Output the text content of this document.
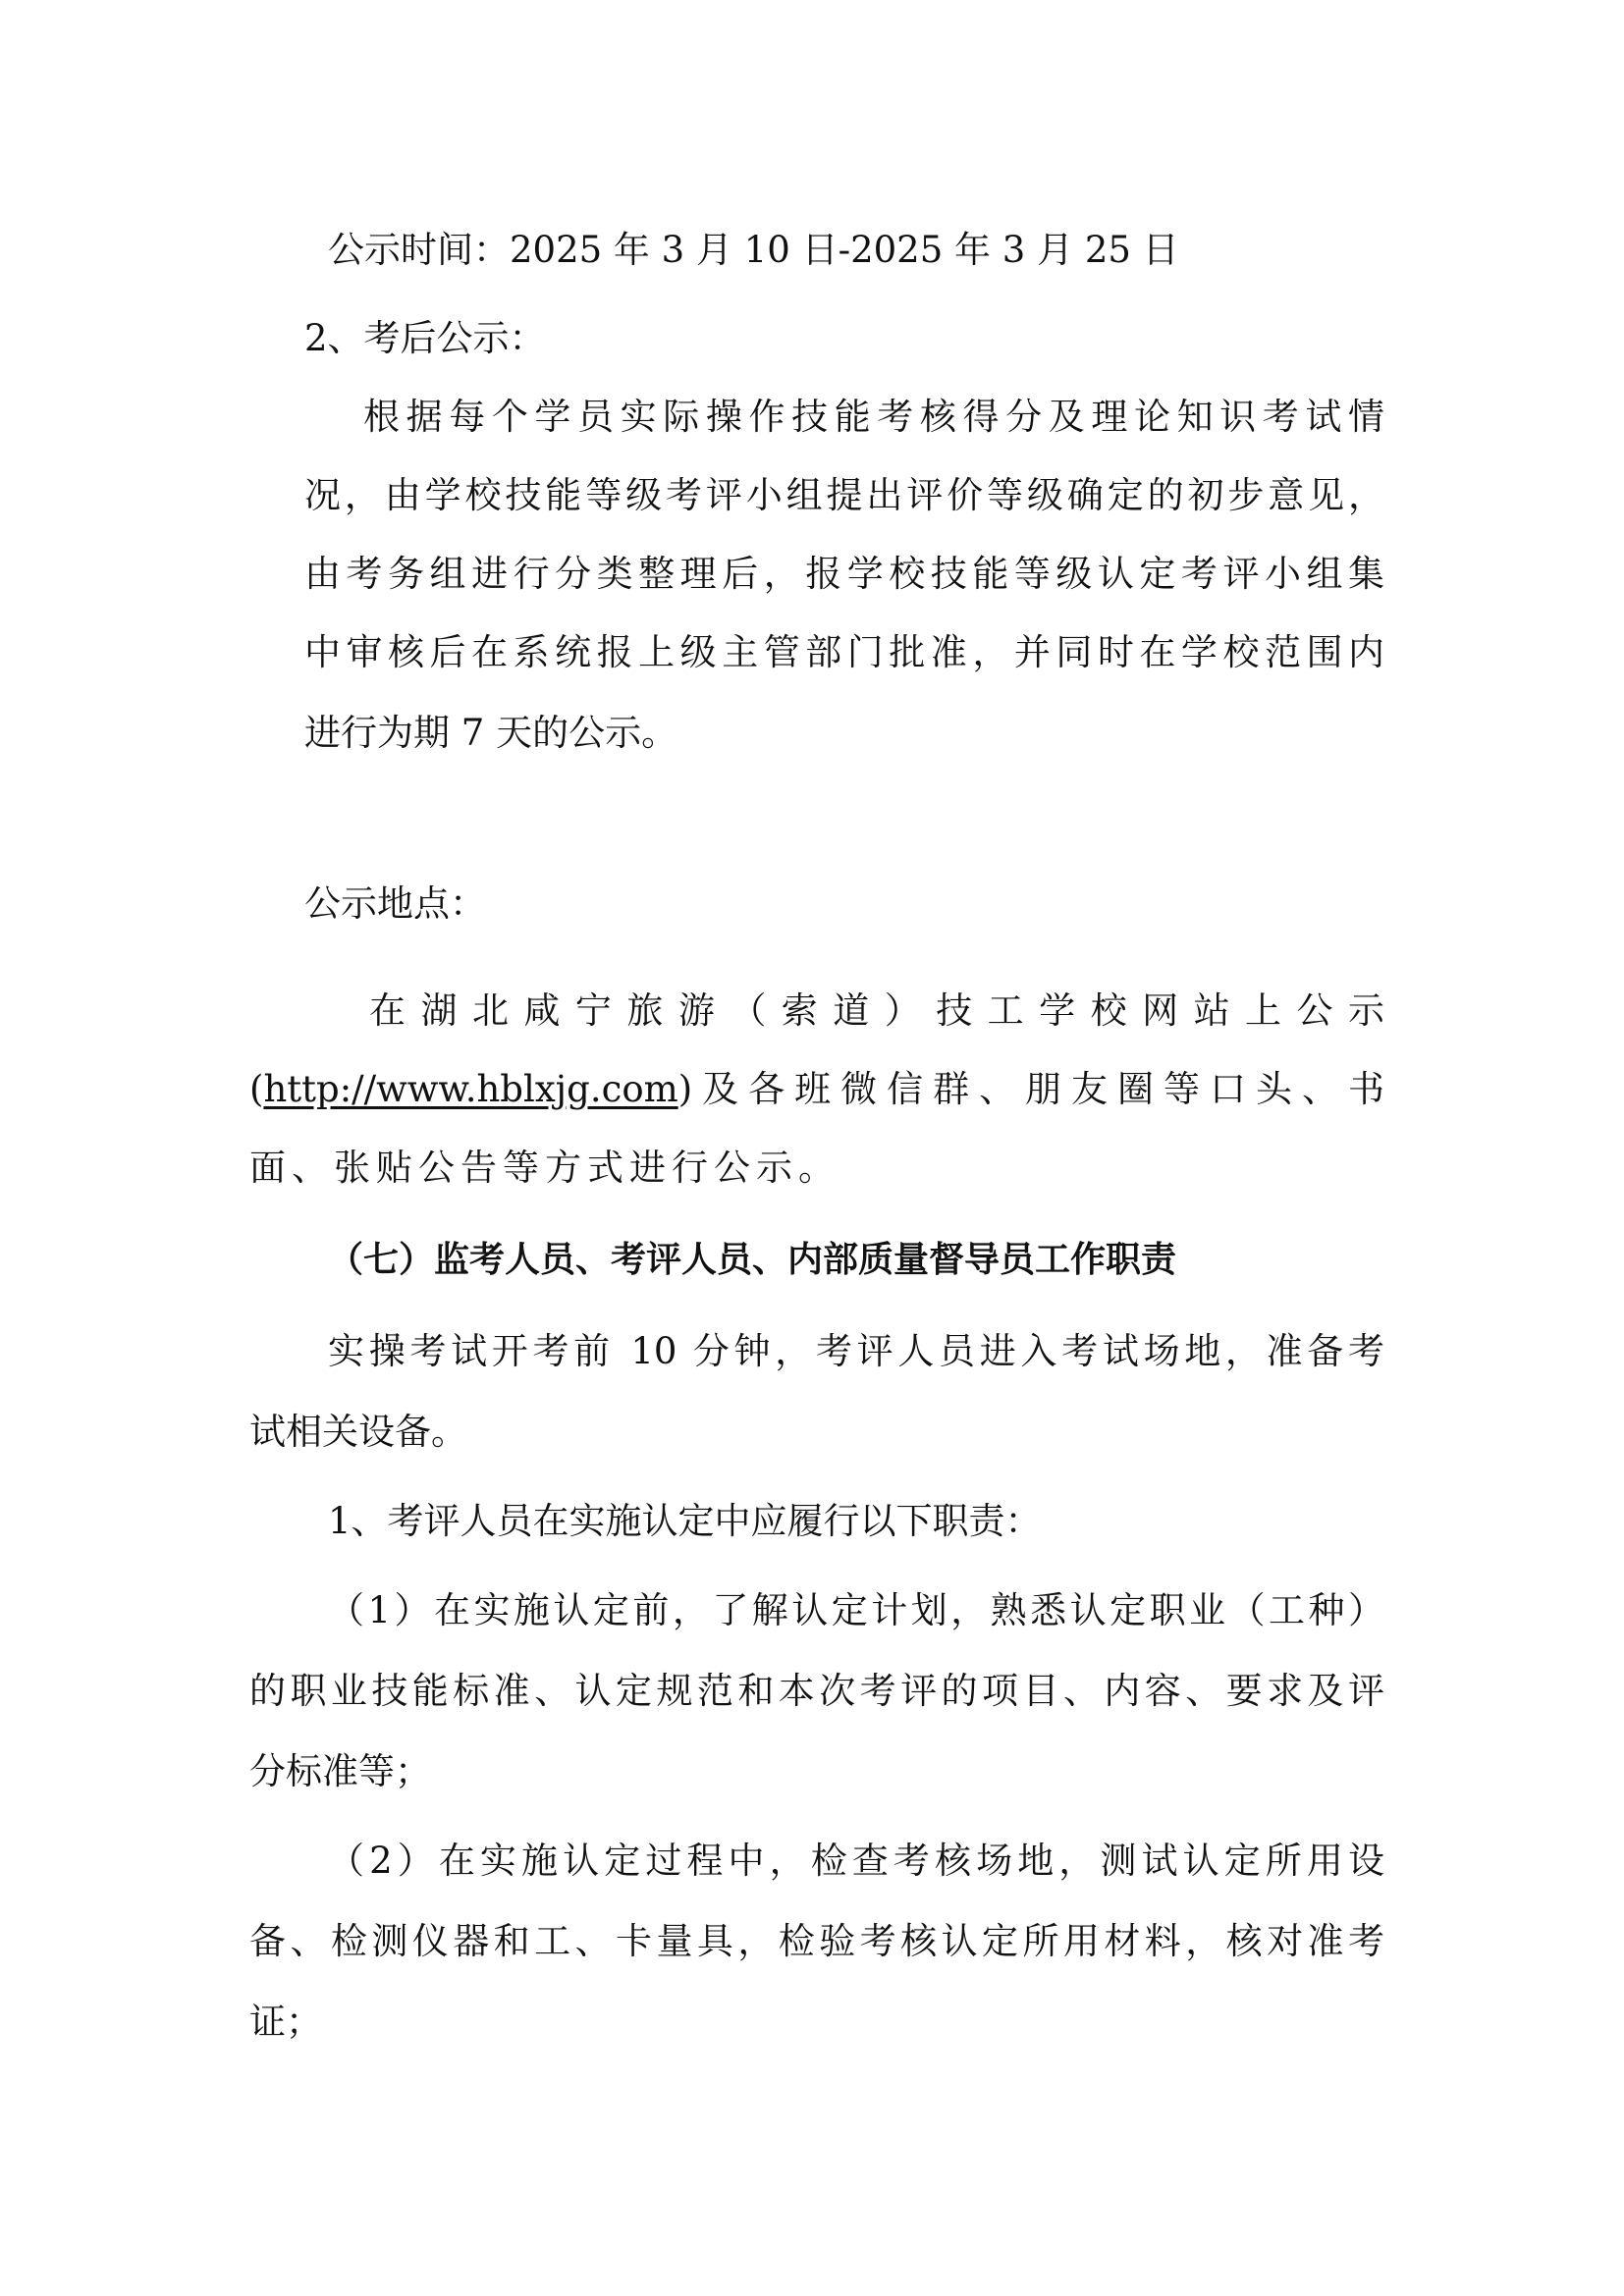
公示时间：2025 年 3 月 10 日-2025 年 3 月 25 日
2、考后公示：
根据每个学员实际操作技能考核得分及理论知识考试情
况，由学校技能等级考评小组提出评价等级确定的初步意见，
由考务组进行分类整理后，报学校技能等级认定考评小组集
中审核后在系统报上级主管部门批准，并同时在学校范围内
进行为期 7 天的公示。
公示地点：
在湖北咸宁旅游（索道）技工学校网站上公示
(http://www.hblxjg.com )及各班微信群、朋友圈等口头、书
面、张贴公告等方式进行公示。
（七）监考人员、考评人员、内部质量督导员工作职责
实操考试开考前 10 分钟，考评人员进入考试场地，准备考
试相关设备。
1、考评人员在实施认定中应履行以下职责：
（1）在实施认定前，了解认定计划，熟悉认定职业（工种）
的职业技能标准、认定规范和本次考评的项目、内容、要求及评
分标准等；
（2）在实施认定过程中，检查考核场地，测试认定所用设
备、检测仪器和工、卡量具，检验考核认定所用材料，核对准考
证；
